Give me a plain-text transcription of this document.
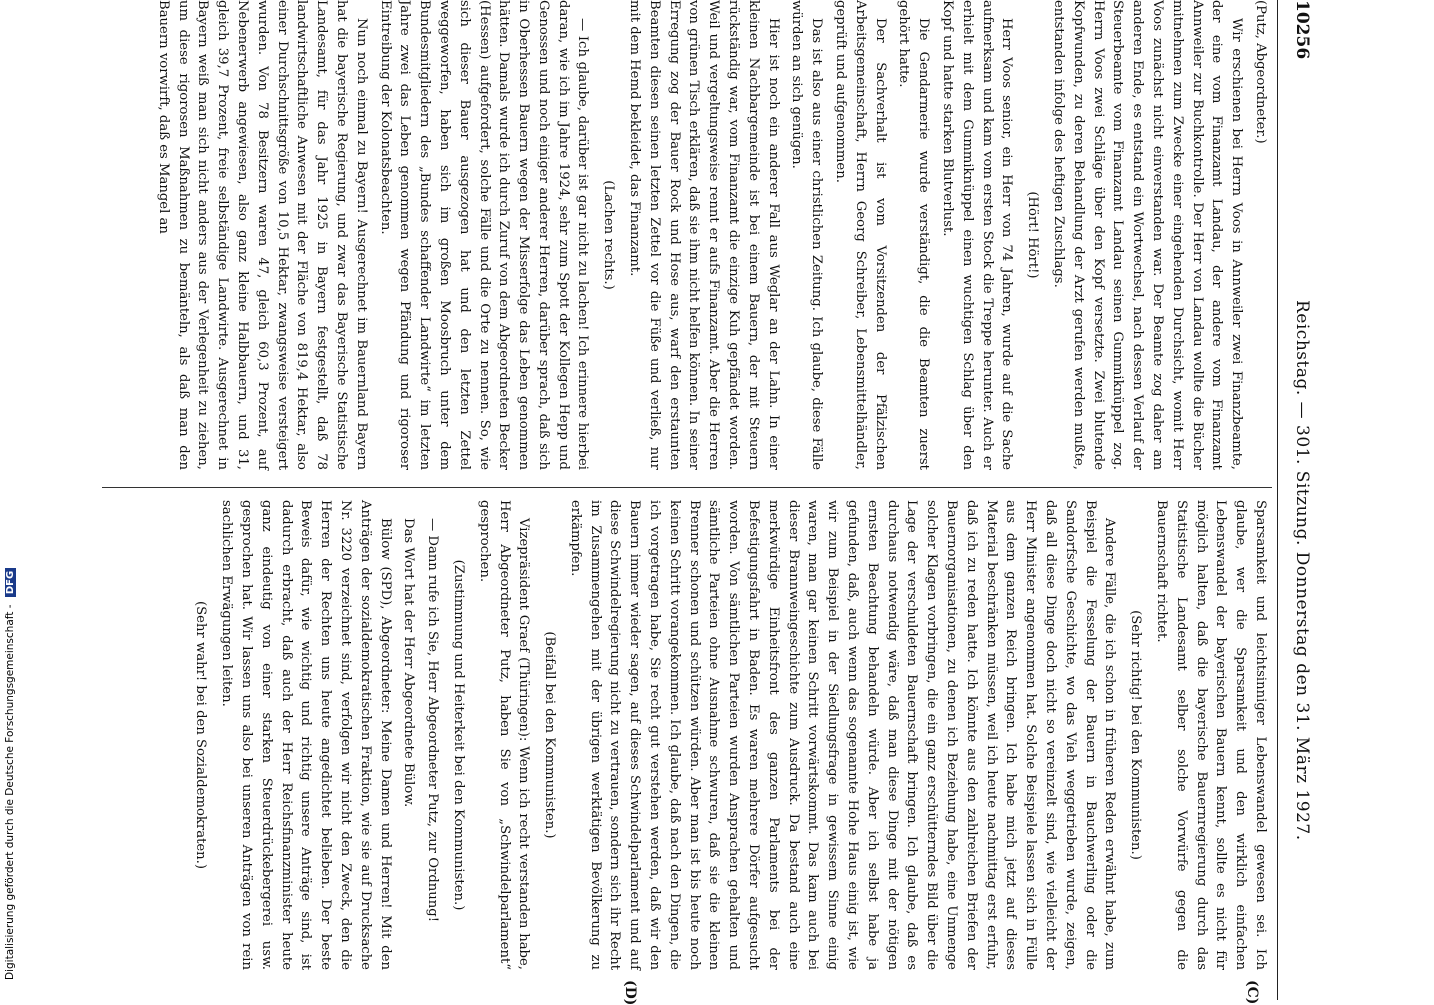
10256
Reichstag. — 301. Sitzung. Donnerstag den 31. März 1927.
(C)
(D)

(Putz, Abgeordneter.)

Wir erschienen bei Herrn Voos in Annweiler zwei Finanzbeamte, der eine vom Finanzamt Landau, der andere vom Finanzamt Annweiler zur Buchkontrolle. Der Herr von Landau wollte die Bücher mitnehmen zum Zwecke einer eingehenden Durchsicht, womit Herr Voos zunächst nicht einverstanden war. Der Beamte zog daher am anderen Ende, es entstand ein Wortwechsel, nach dessen Verlauf der Steuerbeamte vom Finanzamt Landau seinen Gummiknüppel zog. Herrn Voos zwei Schläge über den Kopf versetzte. Zwei blutende Kopfwunden, zu deren Behandlung der Arzt gerufen werden mußte, entstanden infolge des heftigen Zuschlags.

(Hört! Hört!)

Herr Voos senior, ein Herr von 74 Jahren, wurde auf die Sache aufmerksam und kam vom ersten Stock die Treppe herunter. Auch er erhielt mit dem Gummiknüppel einen wuchtigen Schlag über den Kopf und hatte starken Blutverlust.

Die Gendarmerie wurde verständigt, die die Beamten zuerst gehört hatte.

Der Sachverhalt ist vom Vorsitzenden der Pfälzischen Arbeitsgemeinschaft, Herrn Georg Schreiber, Lebensmittelhändler, geprüft und aufgenommen.

Das ist also aus einer christlichen Zeitung. Ich glaube, diese Fälle würden an sich genügen.

Hier ist noch ein anderer Fall aus Weglar an der Lahn. In einer kleinen Nachbargemeinde ist bei einem Bauern, der mit Steuern rückständig war, vom Finanzamt die einzige Kuh gepfändet worden. Weil und vergeltungsweise rennt er aufs Finanzamt. Aber die Herren von grünen Tisch erklären, daß sie ihm nicht helfen können. In seiner Erregung zog der Bauer Rock und Hose aus, warf den erstaunten Beamten diesen seinen letzten Zettel vor die Füße und verließ, nur mit dem Hemd bekleidet, das Finanzamt.

(Lachen rechts.)

— Ich glaube, darüber ist gar nicht zu lachen! Ich erinnere hierbei daran, wie ich im Jahre 1924, sehr zum Spott der Kollegen Hepp und Genossen und noch einiger anderer Herren, darüber sprach, daß sich in Oberhessen Bauern wegen der Misserfolge das Leben genommen hätten. Damals wurde ich durch Zuruf von dem Abgeordneten Becker (Hessen) aufgefordert, solche Fälle und die Orte zu nennen. So, wie sich dieser Bauer ausgezogen hat und den letzten Zettel weggeworfen, haben sich im großen Moosbruch unter dem Bundesmitgliedern des „Bundes schaffender Landwirte“ im letzten Jahre zwei das Leben genommen wegen Pfändung und rigoroser Eintreibung der Kolonatsbeachten.

Nun noch einmal zu Bayern! Ausgerechnet im Bauernland Bayern hat die bayerische Regierung, und zwar das Bayerische Statistische Landesamt, für das Jahr 1925 in Bayern festgestellt, daß 78 landwirtschaftliche Anwesen mit der Fläche von 819,4 Hektar, also einer Durchschnittsgröße von 10,5 Hektar, zwangsweise versteigert wurden. Von 78 Besitzern waren 47, gleich 60,3 Prozent, auf Nebenerwerb angewiesen, also ganz kleine Halbbauern, und 31, gleich 39,7 Prozent, freie selbständige Landwirte. Ausgerechnet in Bayern weiß man sich nicht anders aus der Verlegenheit zu ziehen, um diese rigorosen Maßnahmen zu bemänteln, als daß man den Bauern vorwirft, daß es Mangel an

Sparsamkeit und leichtsinniger Lebenswandel gewesen sei. Ich glaube, wer die Sparsamkeit und den wirklich einfachen Lebenswandel der bayerischen Bauern kennt, sollte es nicht für möglich halten, daß die bayerische Bauernregierung durch das Statistische Landesamt selber solche Vorwürfe gegen die Bauernschaft richtet.

(Sehr richtig! bei den Kommunisten.)

Andere Fälle, die ich schon in früheren Reden erwähnt habe, zum Beispiel die Fesselung der Bauern in Bauchwerling oder die Sandorfsche Geschichte, wo das Vieh weggetrieben wurde, zeigen, daß all diese Dinge doch nicht so vereinzelt sind, wie vielleicht der Herr Minister angenommen hat. Solche Beispiele lassen sich in Fülle aus dem ganzen Reich bringen. Ich habe mich jetzt auf dieses Material beschränken müssen, weil ich heute nachmittag erst erfuhr, daß ich zu reden hatte. Ich könnte aus den zahlreichen Briefen der Bauernorganisationen, zu denen ich Beziehung habe, eine Unmenge solcher Klagen vorbringen, die ein ganz erschütterndes Bild über die Lage der verschuldeten Bauernschaft bringen. Ich glaube, daß es durchaus notwendig wäre, daß man diese Dinge mit der nötigen ernsten Beachtung behandeln würde. Aber ich selbst habe ja gefunden, daß, auch wenn das sogenannte Hohe Haus einig ist, wie wir zum Beispiel in der Siedlungsfrage in gewissem Sinne einig waren, man gar keinen Schritt vorwärtskommt. Das kam auch bei dieser Brannweingeschichte zum Ausdruck. Da bestand auch eine merkwürdige Einheitsfront des ganzen Parlaments bei der Befestigungsfahrt in Baden. Es waren mehrere Dörfer aufgesucht worden. Von sämtlichen Parteien wurden Ansprachen gehalten und sämtliche Parteien ohne Ausnahme schwuren, daß sie die kleinen Brenner schonen und schützen würden. Aber man ist bis heute noch keinen Schritt vorangekommen. Ich glaube, daß nach den Dingen, die ich vorgetragen habe, Sie recht gut verstehen werden, daß wir den Bauern immer wieder sagen, auf dieses Schwindelparlament und auf diese Schwindelregierung nicht zu vertrauen, sondern sich ihr Recht im Zusammengehen mit der übrigen werktätigen Bevölkerung zu erkämpfen.

(Beifall bei den Kommunisten.)

Vizepräsident Graef (Thüringen): Wenn ich recht verstanden habe, Herr Abgeordneter Putz, haben Sie von „Schwindelparlament“ gesprochen.

(Zustimmung und Heiterkeit bei den Kommunisten.)

— Dann rufe ich Sie, Herr Abgeordneter Putz, zur Ordnung!

Das Wort hat der Herr Abgeordnete Bülow.

Bülow (SPD), Abgeordneter: Meine Damen und Herren! Mit den Anträgen der sozialdemokratischen Fraktion, wie sie auf Drucksache Nr. 3220 verzeichnet sind, verfolgen wir nicht den Zweck, den die Herren der Rechten uns heute angedichtet belieben. Der beste Beweis dafür, wie wichtig und richtig unsere Anträge sind, ist dadurch erbracht, daß auch der Herr Reichsfinanzminister heute ganz eindeutig von einer starken Steuerdrückebergerei usw. gesprochen hat. Wir lassen uns also bei unseren Anträgen von rein sachlichen Erwägungen leiten.

(Sehr wahr! bei den Sozialdemokraten.)

Digitalisierung gefördert durch die Deutsche Forschungsgemeinschaft - DFG
